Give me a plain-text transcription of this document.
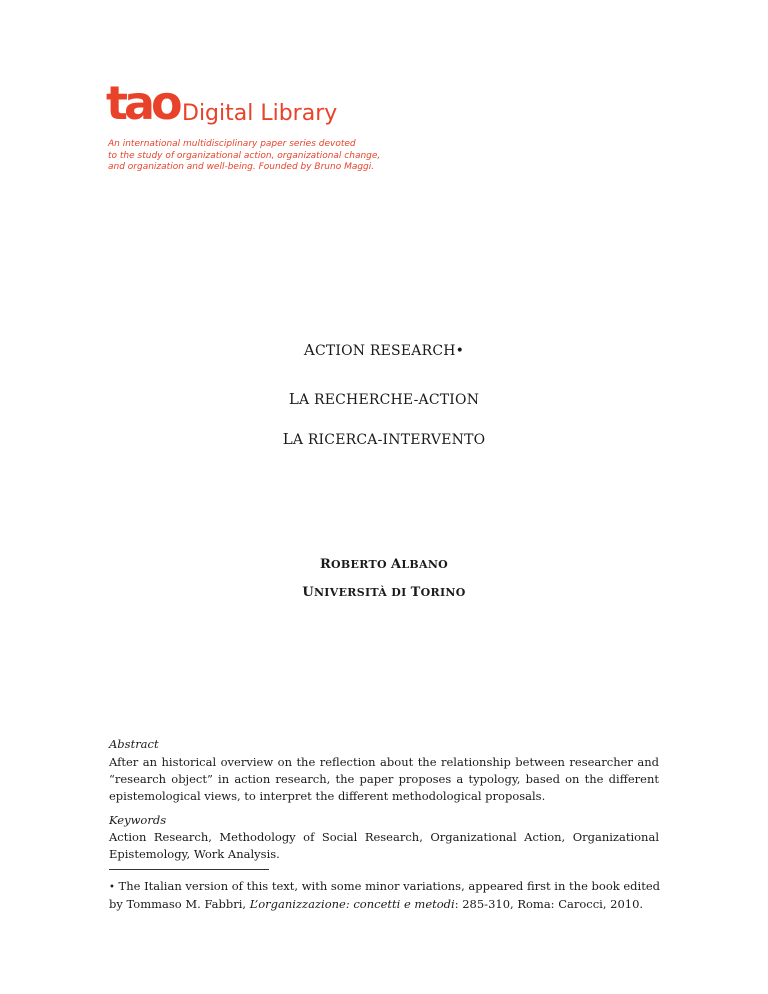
tao Digital Library
An international multidisciplinary paper series devoted
to the study of organizational action, organizational change,
and organization and well-being. Founded by Bruno Maggi.
ACTION RESEARCH•
LA RECHERCHE-ACTION
LA RICERCA-INTERVENTO
ROBERTO ALBANO
UNIVERSITÀ DI TORINO
Abstract
After an historical overview on the reflection about the relationship between researcher and “research object” in action research, the paper proposes a typology, based on the different epistemological views, to interpret the different methodological proposals.
Keywords
Action Research, Methodology of Social Research, Organizational Action, Organizational Epistemology, Work Analysis.
• The Italian version of this text, with some minor variations, appeared first in the book edited by Tommaso M. Fabbri, L’organizzazione: concetti e metodi: 285-310, Roma: Carocci, 2010.
